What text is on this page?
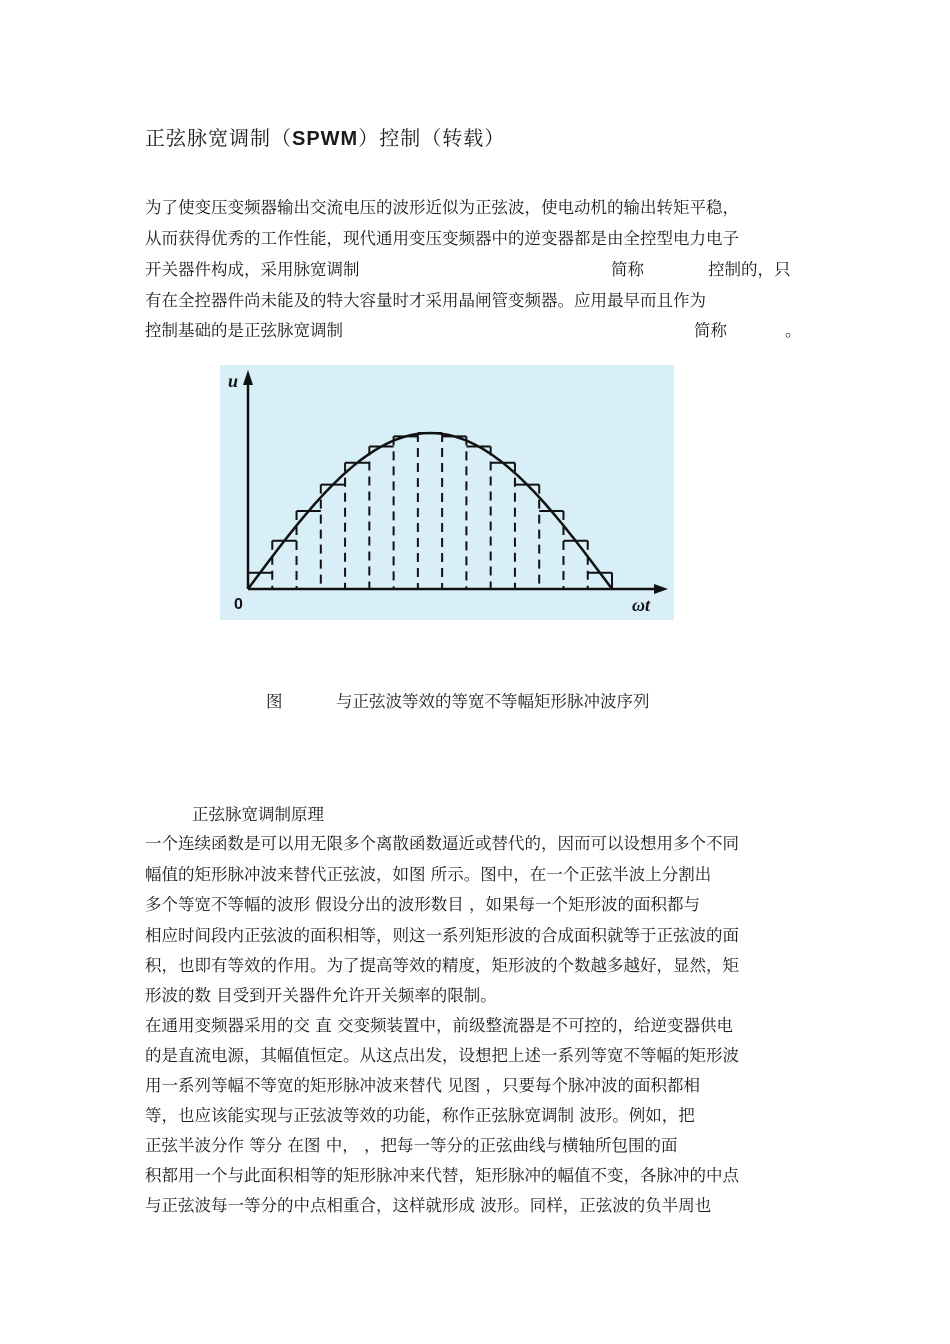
正弦脉宽调制（SPWM）控制（转载）
为了使变压变频器输出交流电压的波形近似为正弦波，使电动机的输出转矩平稳，
从而获得优秀的工作性能，现代通用变压变频器中的逆变器都是由全控型电力电子
开关器件构成，采用脉宽调制	简称	控制的，只
有在全控器件尚未能及的特大容量时才采用晶闸管变频器。应用最早而且作为
控制基础的是正弦脉宽调制	简称	。
u
ωt
0
图	与正弦波等效的等宽不等幅矩形脉冲波序列
正弦脉宽调制原理
一个连续函数是可以用无限多个离散函数逼近或替代的，因而可以设想用多个不同
幅值的矩形脉冲波来替代正弦波，如图 所示。图中，在一个正弦半波上分割出
多个等宽不等幅的波形 假设分出的波形数目 ，如果每一个矩形波的面积都与
相应时间段内正弦波的面积相等，则这一系列矩形波的合成面积就等于正弦波的面
积，也即有等效的作用。为了提高等效的精度，矩形波的个数越多越好，显然，矩
形波的数 目受到开关器件允许开关频率的限制。
在通用变频器采用的交 直 交变频装置中，前级整流器是不可控的，给逆变器供电
的是直流电源，其幅值恒定。从这点出发，设想把上述一系列等宽不等幅的矩形波
用一系列等幅不等宽的矩形脉冲波来替代 见图 ，只要每个脉冲波的面积都相
等，也应该能实现与正弦波等效的功能，称作正弦脉宽调制 波形。例如，把
正弦半波分作 等分 在图 中， ，把每一等分的正弦曲线与横轴所包围的面
积都用一个与此面积相等的矩形脉冲来代替，矩形脉冲的幅值不变，各脉冲的中点
与正弦波每一等分的中点相重合，这样就形成 波形。同样，正弦波的负半周也
